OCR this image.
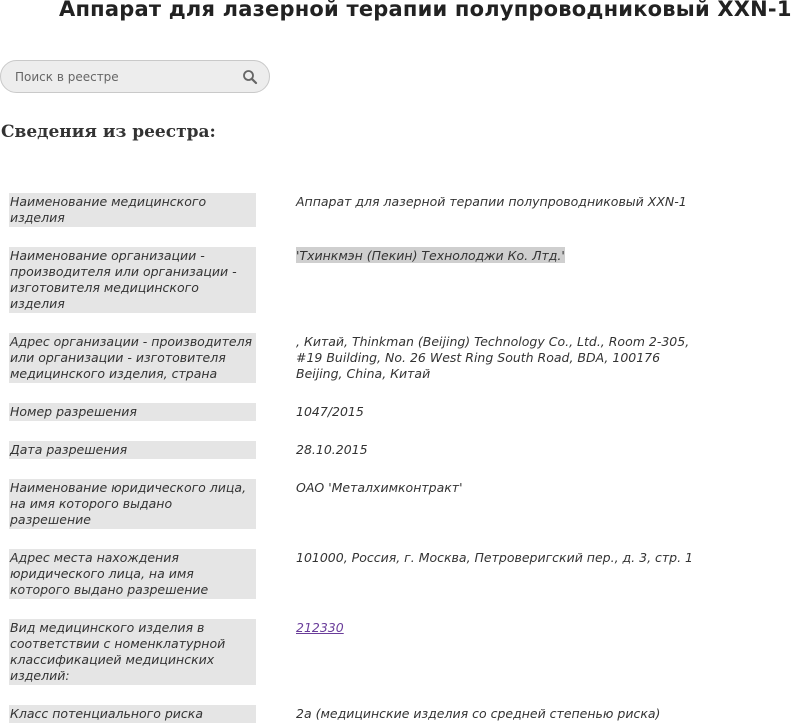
Аппарат для лазерной терапии полупроводниковый XXN-1
Поиск в реестре
Сведения из реестра:
Наименование медицинского изделия	Аппарат для лазерной терапии полупроводниковый XXN-1

Наименование организации - производителя или организации - изготовителя медицинского изделия	'Тхинкмэн (Пекин) Технолоджи Ко. Лтд.'

Адрес организации - производителя или организации - изготовителя медицинского изделия, страна	, Китай, Thinkman (Beijing) Technology Co., Ltd., Room 2-305, #19 Building, No. 26 West Ring South Road, BDA, 100176 Beijing, China, Китай

Номер разрешения	1047/2015

Дата разрешения	28.10.2015

Наименование юридического лица, на имя которого выдано разрешение	ОАО 'Металхимконтракт'

Адрес места нахождения юридического лица, на имя которого выдано разрешение	101000, Россия, г. Москва, Петроверигский пер., д. 3, стр. 1

Вид медицинского изделия в соответствии с номенклатурной классификацией медицинских изделий:	212330

Класс потенциального риска	2а (медицинские изделия со средней степенью риска)
